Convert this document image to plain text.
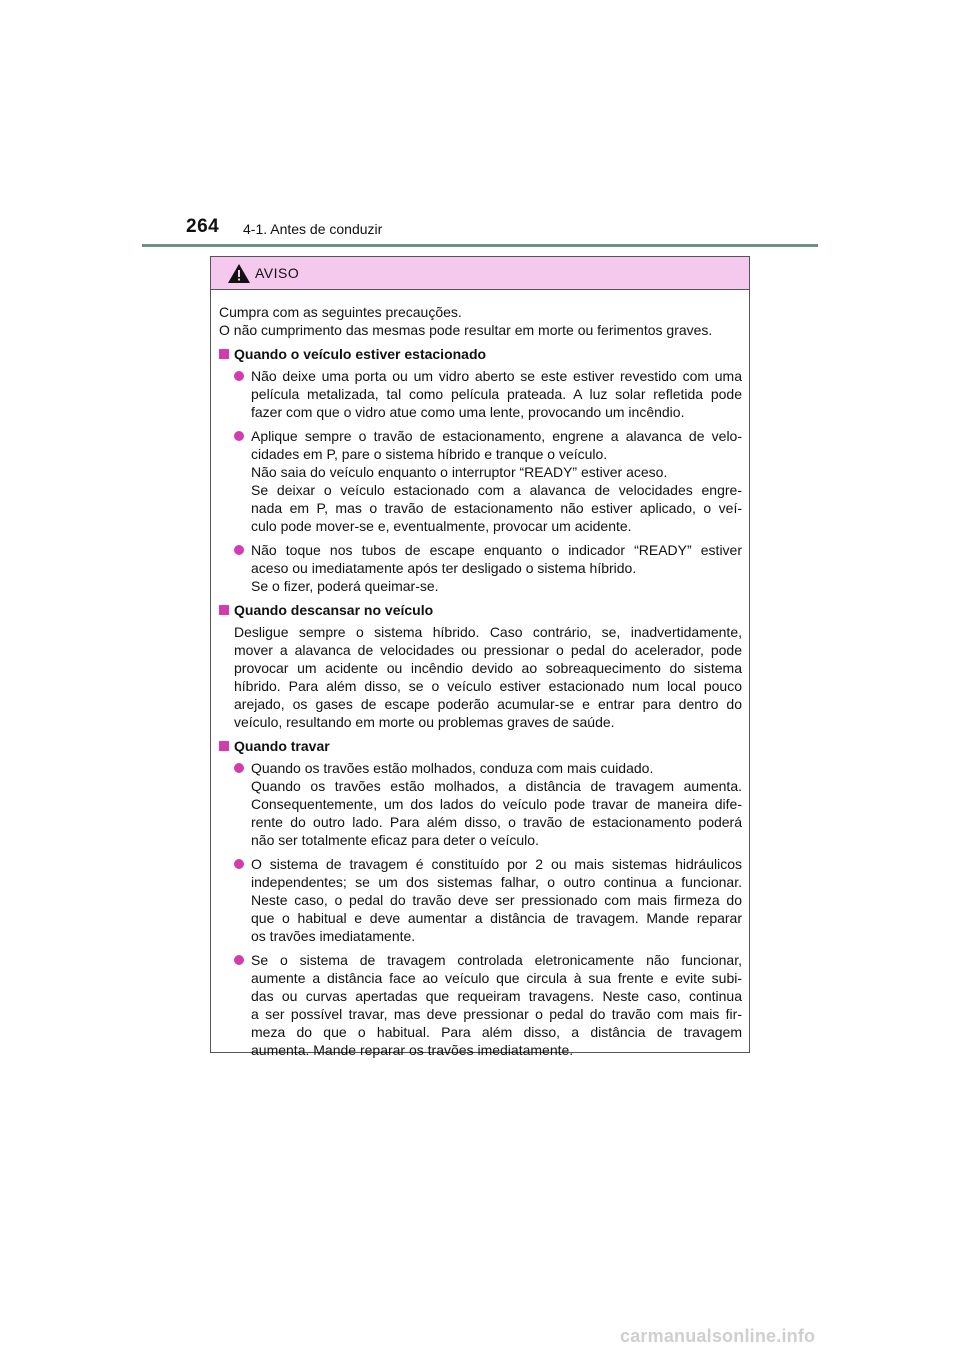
264 4-1. Antes de conduzir
AVISO

Cumpra com as seguintes precauções.
O não cumprimento das mesmas pode resultar em morte ou ferimentos graves.

Quando o veículo estiver estacionado
Não deixe uma porta ou um vidro aberto se este estiver revestido com uma
película metalizada, tal como película prateada. A luz solar refletida pode
fazer com que o vidro atue como uma lente, provocando um incêndio.
Aplique sempre o travão de estacionamento, engrene a alavanca de velo-
cidades em P, pare o sistema híbrido e tranque o veículo.
Não saia do veículo enquanto o interruptor “READY” estiver aceso.
Se deixar o veículo estacionado com a alavanca de velocidades engre-
nada em P, mas o travão de estacionamento não estiver aplicado, o veí-
culo pode mover-se e, eventualmente, provocar um acidente.
Não toque nos tubos de escape enquanto o indicador “READY” estiver
aceso ou imediatamente após ter desligado o sistema híbrido.
Se o fizer, poderá queimar-se.
Quando descansar no veículo
Desligue sempre o sistema híbrido. Caso contrário, se, inadvertidamente,
mover a alavanca de velocidades ou pressionar o pedal do acelerador, pode
provocar um acidente ou incêndio devido ao sobreaquecimento do sistema
híbrido. Para além disso, se o veículo estiver estacionado num local pouco
arejado, os gases de escape poderão acumular-se e entrar para dentro do
veículo, resultando em morte ou problemas graves de saúde.
Quando travar
Quando os travões estão molhados, conduza com mais cuidado.
Quando os travões estão molhados, a distância de travagem aumenta.
Consequentemente, um dos lados do veículo pode travar de maneira dife-
rente do outro lado. Para além disso, o travão de estacionamento poderá
não ser totalmente eficaz para deter o veículo.
O sistema de travagem é constituído por 2 ou mais sistemas hidráulicos
independentes; se um dos sistemas falhar, o outro continua a funcionar.
Neste caso, o pedal do travão deve ser pressionado com mais firmeza do
que o habitual e deve aumentar a distância de travagem. Mande reparar
os travões imediatamente.
Se o sistema de travagem controlada eletronicamente não funcionar,
aumente a distância face ao veículo que circula à sua frente e evite subi-
das ou curvas apertadas que requeiram travagens. Neste caso, continua
a ser possível travar, mas deve pressionar o pedal do travão com mais fir-
meza do que o habitual. Para além disso, a distância de travagem
aumenta. Mande reparar os travões imediatamente.
carmanualsonline.info
